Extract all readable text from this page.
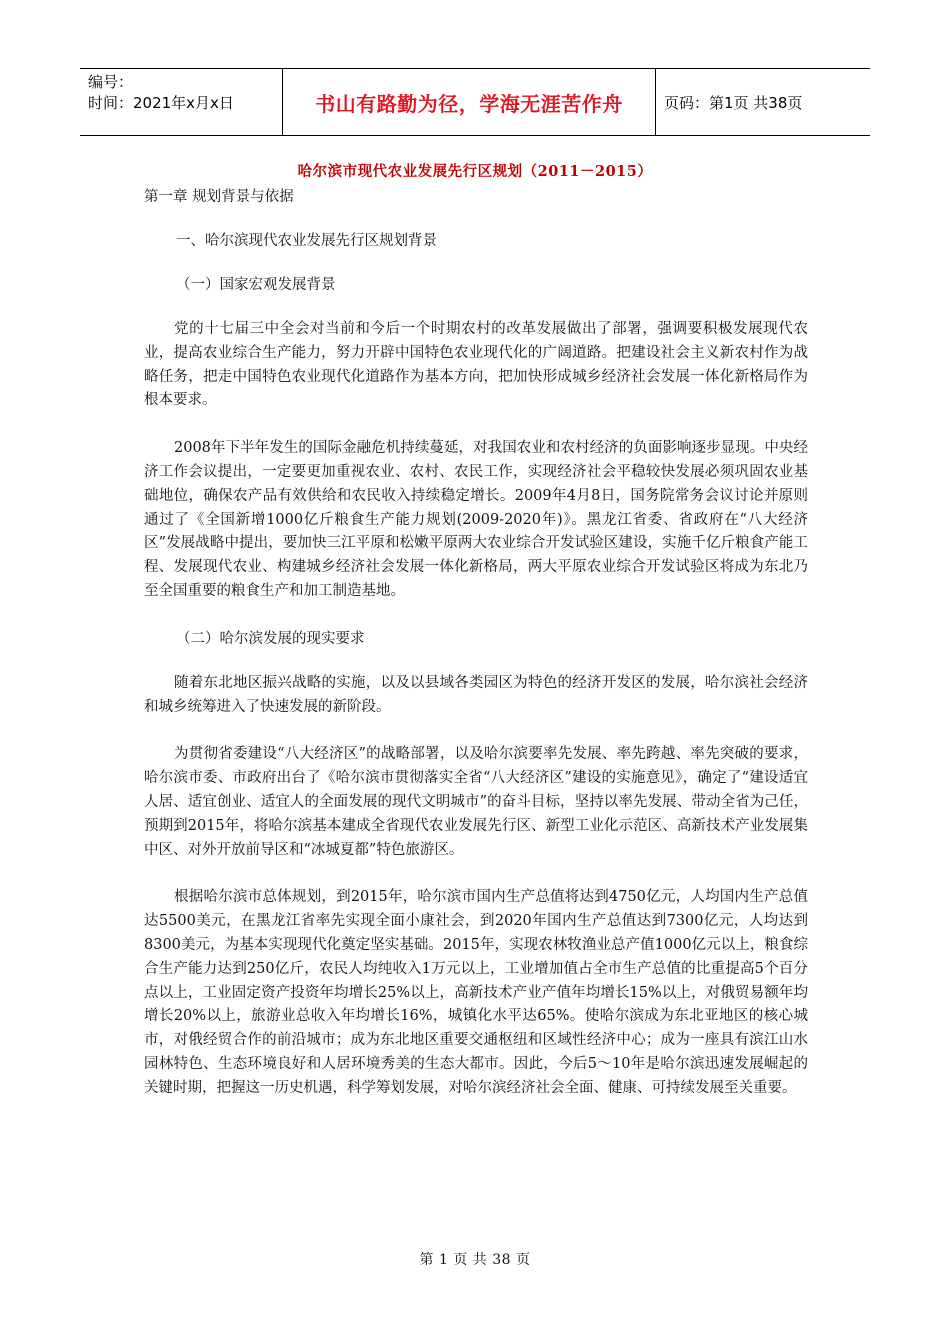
编号：
时间：2021年x月x日	书山有路勤为径，学海无涯苦作舟	页码：第1页 共38页
哈尔滨市现代农业发展先行区规划（2011－2015）
第一章 规划背景与依据
一、哈尔滨现代农业发展先行区规划背景
（一）国家宏观发展背景

党的十七届三中全会对当前和今后一个时期农村的改革发展做出了部署，强调要积极发展现代农业，提高农业综合生产能力，努力开辟中国特色农业现代化的广阔道路。把建设社会主义新农村作为战略任务，把走中国特色农业现代化道路作为基本方向，把加快形成城乡经济社会发展一体化新格局作为根本要求。

2008年下半年发生的国际金融危机持续蔓延，对我国农业和农村经济的负面影响逐步显现。中央经济工作会议提出，一定要更加重视农业、农村、农民工作，实现经济社会平稳较快发展必须巩固农业基础地位，确保农产品有效供给和农民收入持续稳定增长。2009年4月8日，国务院常务会议讨论并原则通过了《全国新增1000亿斤粮食生产能力规划(2009-2020年)》。黑龙江省委、省政府在“八大经济区”发展战略中提出，要加快三江平原和松嫩平原两大农业综合开发试验区建设，实施千亿斤粮食产能工程、发展现代农业、构建城乡经济社会发展一体化新格局，两大平原农业综合开发试验区将成为东北乃至全国重要的粮食生产和加工制造基地。

（二）哈尔滨发展的现实要求

随着东北地区振兴战略的实施，以及以县域各类园区为特色的经济开发区的发展，哈尔滨社会经济和城乡统筹进入了快速发展的新阶段。

为贯彻省委建设“八大经济区”的战略部署，以及哈尔滨要率先发展、率先跨越、率先突破的要求，哈尔滨市委、市政府出台了《哈尔滨市贯彻落实全省“八大经济区”建设的实施意见》，确定了“建设适宜人居、适宜创业、适宜人的全面发展的现代文明城市”的奋斗目标，坚持以率先发展、带动全省为己任，预期到2015年，将哈尔滨基本建成全省现代农业发展先行区、新型工业化示范区、高新技术产业发展集中区、对外开放前导区和“冰城夏都”特色旅游区。

根据哈尔滨市总体规划，到2015年，哈尔滨市国内生产总值将达到4750亿元，人均国内生产总值达5500美元，在黑龙江省率先实现全面小康社会，到2020年国内生产总值达到7300亿元，人均达到8300美元，为基本实现现代化奠定坚实基础。2015年，实现农林牧渔业总产值1000亿元以上，粮食综合生产能力达到250亿斤，农民人均纯收入1万元以上，工业增加值占全市生产总值的比重提高5个百分点以上，工业固定资产投资年均增长25%以上，高新技术产业产值年均增长15%以上，对俄贸易额年均增长20%以上，旅游业总收入年均增长16%，城镇化水平达65%。使哈尔滨成为东北亚地区的核心城市，对俄经贸合作的前沿城市；成为东北地区重要交通枢纽和区域性经济中心；成为一座具有滨江山水园林特色、生态环境良好和人居环境秀美的生态大都市。因此，今后5～10年是哈尔滨迅速发展崛起的关键时期，把握这一历史机遇，科学筹划发展，对哈尔滨经济社会全面、健康、可持续发展至关重要。

第 1 页 共 38 页
